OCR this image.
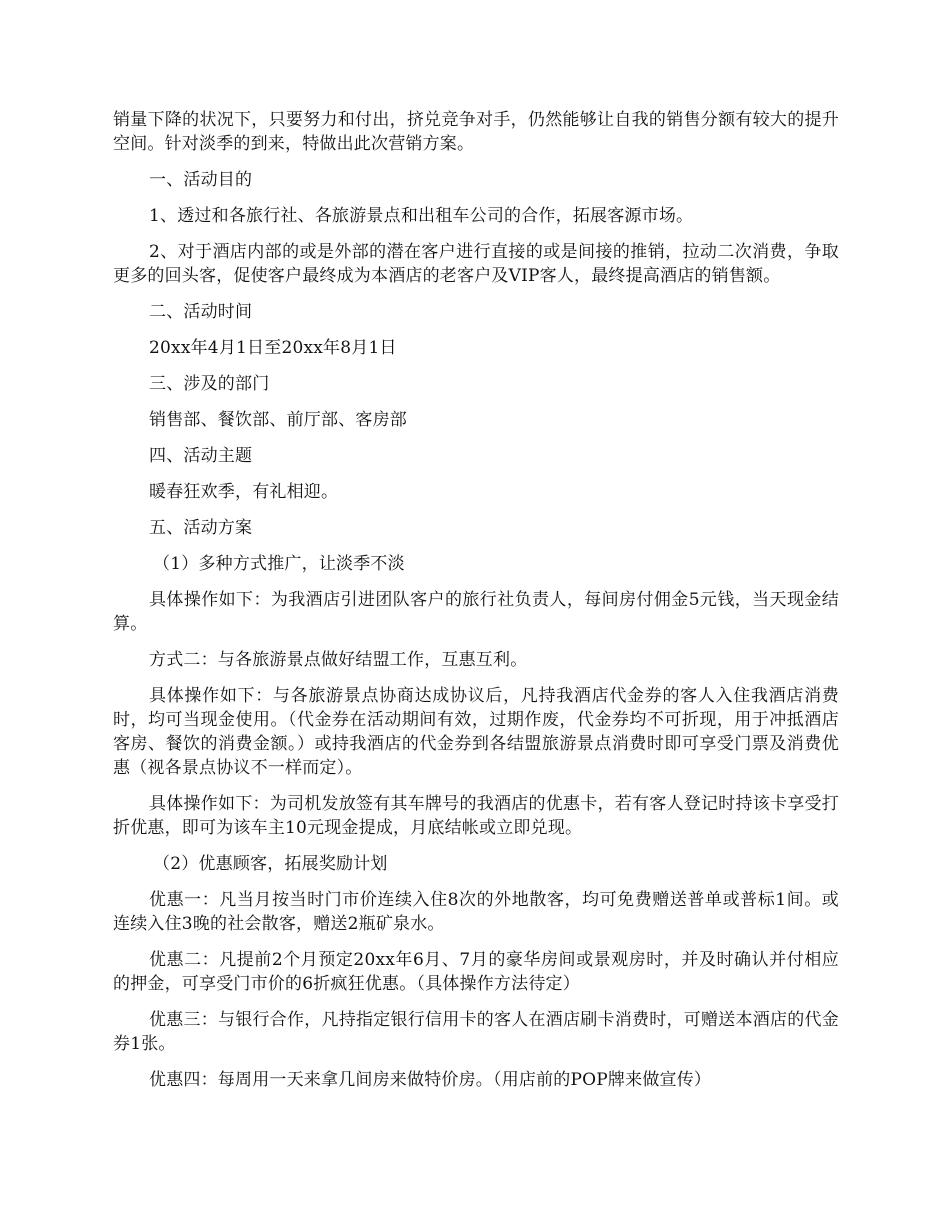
销量下降的状况下，只要努力和付出，挤兑竞争对手，仍然能够让自我的销售分额有较大的提升空间。针对淡季的到来，特做出此次营销方案。

一、活动目的

1、透过和各旅行社、各旅游景点和出租车公司的合作，拓展客源市场。

2、对于酒店内部的或是外部的潜在客户进行直接的或是间接的推销，拉动二次消费，争取更多的回头客，促使客户最终成为本酒店的老客户及VIP客人，最终提高酒店的销售额。

二、活动时间

20xx年4月1日至20xx年8月1日

三、涉及的部门

销售部、餐饮部、前厅部、客房部

四、活动主题

暖春狂欢季，有礼相迎。

五、活动方案

（1）多种方式推广，让淡季不淡

具体操作如下：为我酒店引进团队客户的旅行社负责人，每间房付佣金5元钱，当天现金结算。

方式二：与各旅游景点做好结盟工作，互惠互利。

具体操作如下：与各旅游景点协商达成协议后，凡持我酒店代金券的客人入住我酒店消费时，均可当现金使用。（代金券在活动期间有效，过期作废，代金券均不可折现，用于冲抵酒店客房、餐饮的消费金额。）或持我酒店的代金券到各结盟旅游景点消费时即可享受门票及消费优惠（视各景点协议不一样而定）。

具体操作如下：为司机发放签有其车牌号的我酒店的优惠卡，若有客人登记时持该卡享受打折优惠，即可为该车主10元现金提成，月底结帐或立即兑现。

（2）优惠顾客，拓展奖励计划

优惠一：凡当月按当时门市价连续入住8次的外地散客，均可免费赠送普单或普标1间。或连续入住3晚的社会散客，赠送2瓶矿泉水。

优惠二：凡提前2个月预定20xx年6月、7月的豪华房间或景观房时，并及时确认并付相应的押金，可享受门市价的6折疯狂优惠。（具体操作方法待定）

优惠三：与银行合作，凡持指定银行信用卡的客人在酒店刷卡消费时，可赠送本酒店的代金券1张。

优惠四：每周用一天来拿几间房来做特价房。（用店前的POP牌来做宣传）
